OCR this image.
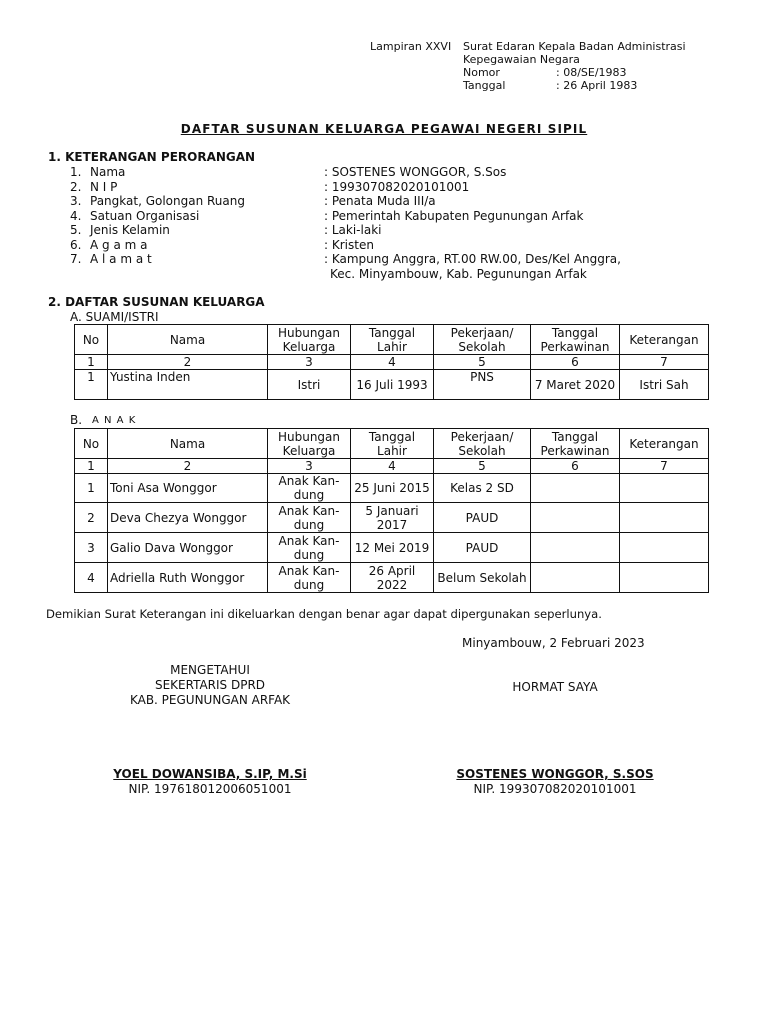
Lampiran XXVI	Surat Edaran Kepala Badan Administrasi	
	Kepegawaian Negara	
	Nomor	: 08/SE/1983
	Tanggal	: 26 April 1983
DAFTAR SUSUNAN KELUARGA PEGAWAI NEGERI SIPIL
1. KETERANGAN PERORANGAN
1.	Nama	: SOSTENES WONGGOR, S.Sos
2.	N I P	: 199307082020101001
3.	Pangkat, Golongan Ruang	: Penata Muda III/a
4.	Satuan Organisasi	: Pemerintah Kabupaten Pegunungan Arfak
5.	Jenis Kelamin	: Laki-laki
6.	A g a m a	: Kristen
7.	A l a m a t	: Kampung Anggra, RT.00 RW.00, Des/Kel Anggra,
		Kec. Minyambouw, Kab. Pegunungan Arfak
2. DAFTAR SUSUNAN KELUARGA
A. SUAMI/ISTRI
No	Nama	Hubungan Keluarga	Tanggal Lahir	Pekerjaan/ Sekolah	Tanggal Perkawinan	Keterangan
1	2	3	4	5	6	7
1	Yustina Inden	Istri	16 Juli 1993	PNS	7 Maret 2020	Istri Sah
B. A N A K
No	Nama	Hubungan Keluarga	Tanggal Lahir	Pekerjaan/ Sekolah	Tanggal Perkawinan	Keterangan
1	2	3	4	5	6	7
1	Toni Asa Wonggor	Anak Kan-dung	25 Juni 2015	Kelas 2 SD		
2	Deva Chezya Wonggor	Anak Kan-dung	5 Januari 2017	PAUD		
3	Galio Dava Wonggor	Anak Kan-dung	12 Mei 2019	PAUD		
4	Adriella Ruth Wonggor	Anak Kan-dung	26 April 2022	Belum Sekolah		
Demikian Surat Keterangan ini dikeluarkan dengan benar agar dapat dipergunakan seperlunya.
Minyambouw, 2 Februari 2023
MENGETAHUI
SEKERTARIS DPRD
KAB. PEGUNUNGAN ARFAK
YOEL DOWANSIBA, S.IP, M.Si
NIP. 197618012006051001
HORMAT SAYA
SOSTENES WONGGOR, S.SOS
NIP. 199307082020101001
